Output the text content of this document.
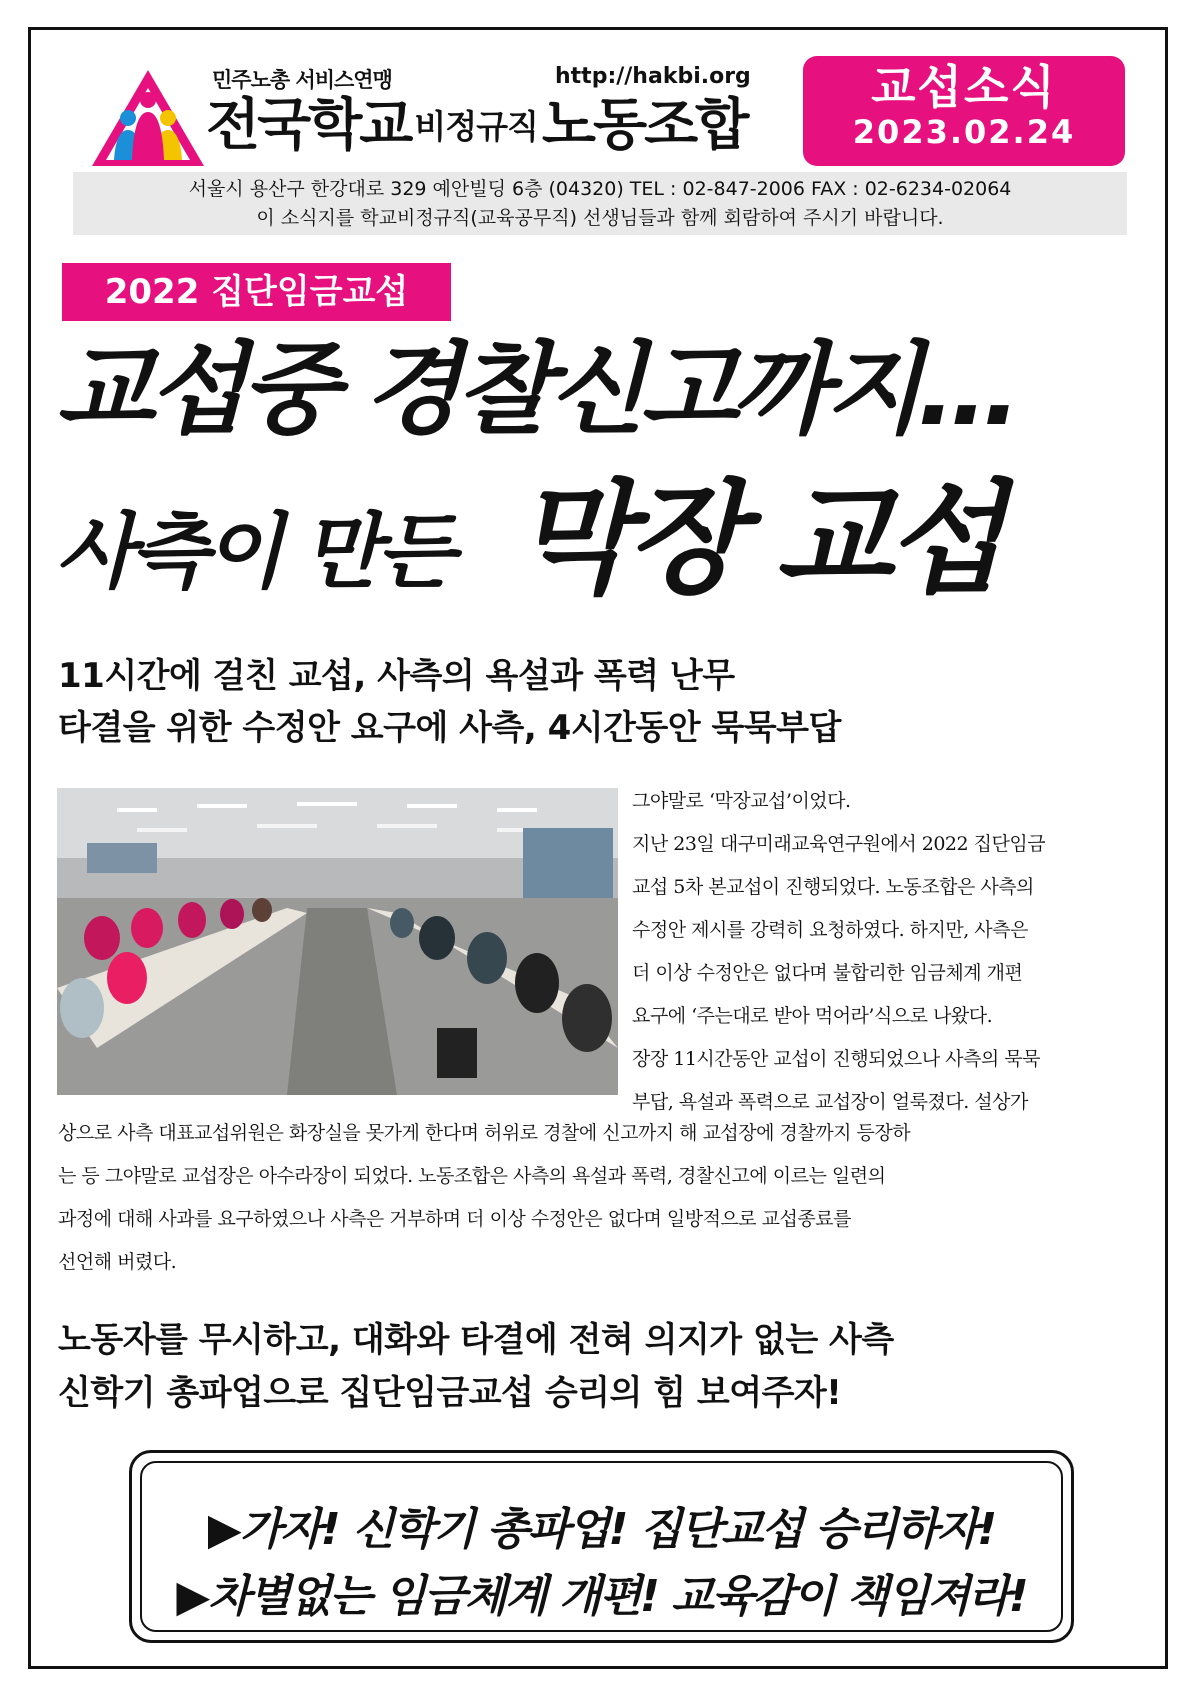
민주노총 서비스연맹	http://hakbi.org
전국학교 비정규직노동조합
교섭소식
2023.02.24
서울시 용산구 한강대로 329 예안빌딩 6층 (04320) TEL : 02-847-2006 FAX : 02-6234-02064
이 소식지를 학교비정규직(교육공무직) 선생님들과 함께 회람하여 주시기 바랍니다.
2022 집단임금교섭
교섭중 경찰신고까지...
사측이 만든 막장 교섭
11시간에 걸친 교섭, 사측의 욕설과 폭력 난무
타결을 위한 수정안 요구에 사측, 4시간동안 묵묵부답
그야말로 ‘막장교섭’이었다.
지난 23일 대구미래교육연구원에서 2022 집단임금
교섭 5차 본교섭이 진행되었다. 노동조합은 사측의
수정안 제시를 강력히 요청하였다. 하지만, 사측은
더 이상 수정안은 없다며 불합리한 임금체계 개편
요구에 ‘주는대로 받아 먹어라’식으로 나왔다.
장장 11시간동안 교섭이 진행되었으나 사측의 묵묵
부답, 욕설과 폭력으로 교섭장이 얼룩졌다. 설상가
상으로 사측 대표교섭위원은 화장실을 못가게 한다며 허위로 경찰에 신고까지 해 교섭장에 경찰까지 등장하
는 등 그야말로 교섭장은 아수라장이 되었다. 노동조합은 사측의 욕설과 폭력, 경찰신고에 이르는 일련의
과정에 대해 사과를 요구하였으나 사측은 거부하며 더 이상 수정안은 없다며 일방적으로 교섭종료를
선언해 버렸다.
노동자를 무시하고, 대화와 타결에 전혀 의지가 없는 사측
신학기 총파업으로 집단임금교섭 승리의 힘 보여주자!
▶가자! 신학기 총파업! 집단교섭 승리하자!
▶차별없는 임금체계 개편! 교육감이 책임져라!
